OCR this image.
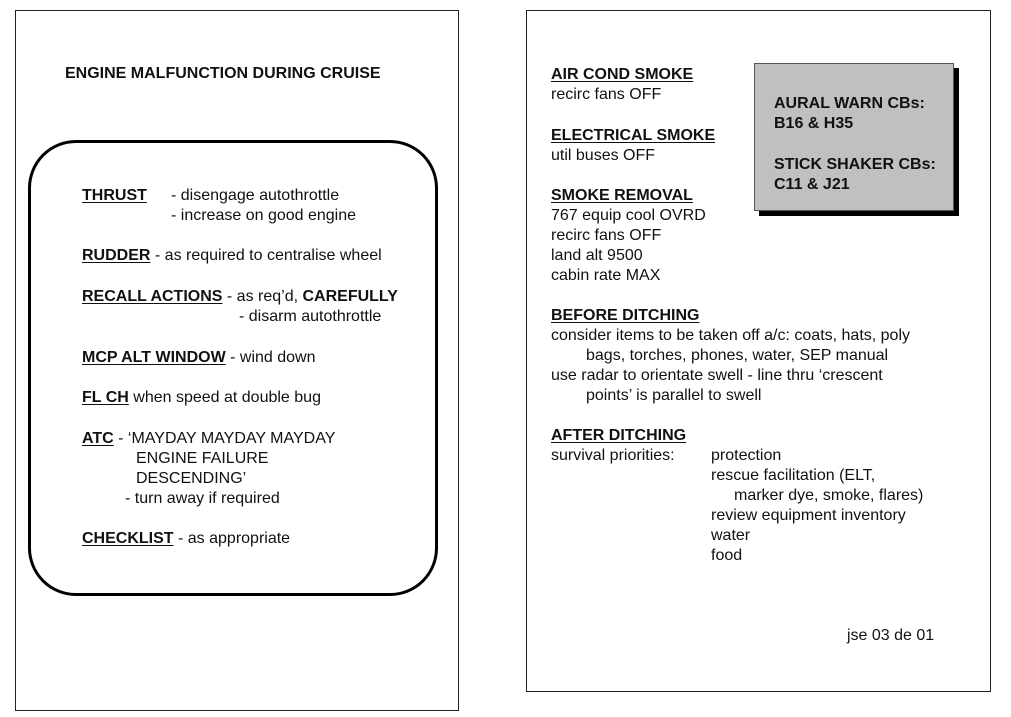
ENGINE MALFUNCTION DURING CRUISE
THRUST - disengage autothrottle
- increase on good engine
RUDDER - as required to centralise wheel
RECALL ACTIONS - as req’d, CAREFULLY
- disarm autothrottle
MCP ALT WINDOW - wind down
FL CH when speed at double bug
ATC - ‘MAYDAY MAYDAY MAYDAY
ENGINE FAILURE
DESCENDING’
- turn away if required
CHECKLIST - as appropriate
AIR COND SMOKE
recirc fans OFF
ELECTRICAL SMOKE
util buses OFF
SMOKE REMOVAL
767 equip cool OVRD
recirc fans OFF
land alt 9500
cabin rate MAX
BEFORE DITCHING
consider items to be taken off a/c: coats, hats, poly
bags, torches, phones, water, SEP manual
use radar to orientate swell - line thru ‘crescent
points’ is parallel to swell
AFTER DITCHING
survival priorities: protection
rescue facilitation (ELT,
marker dye, smoke, flares)
review equipment inventory
water
food
AURAL WARN CBs:
B16 & H35
STICK SHAKER CBs:
C11 & J21
jse 03 de 01
